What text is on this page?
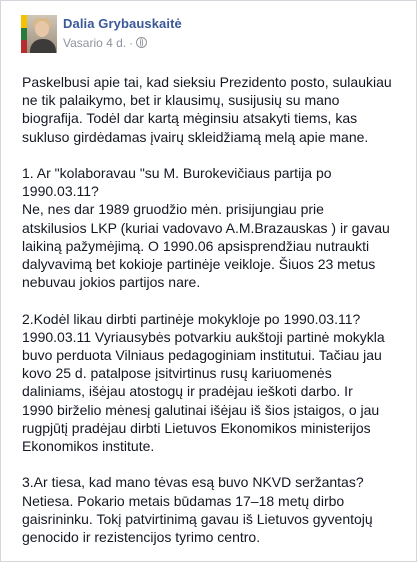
Dalia Grybauskaitė
Vasario 4 d. ·
Paskelbusi apie tai, kad sieksiu Prezidento posto, sulaukiau
ne tik palaikymo, bet ir klausimų, susijusių su mano
biografija. Todėl dar kartą mėginsiu atsakyti tiems, kas
sukluso girdėdamas įvairų skleidžiamą melą apie mane.
1. Ar "kolaboravau "su M. Burokevičiaus partija po
1990.03.11?
Ne, nes dar 1989 gruodžio mėn. prisijungiau prie
atskilusios LKP (kuriai vadovavo A.M.Brazauskas ) ir gavau
laikiną pažymėjimą. O 1990.06 apsisprendžiau nutraukti
dalyvavimą bet kokioje partinėje veikloje. Šiuos 23 metus
nebuvau jokios partijos nare.
2.Kodėl likau dirbti partinėje mokykloje po 1990.03.11?
1990.03.11 Vyriausybės potvarkiu aukštoji partinė mokykla
buvo perduota Vilniaus pedagoginiam institutui. Tačiau jau
kovo 25 d. patalpose įsitvirtinus rusų kariuomenės
daliniams, išėjau atostogų ir pradėjau ieškoti darbo. Ir
1990 birželio mėnesį galutinai išėjau iš šios įstaigos, o jau
rugpjūtį pradėjau dirbti Lietuvos Ekonomikos ministerijos
Ekonomikos institute.
3.Ar tiesa, kad mano tėvas esą buvo NKVD seržantas?
Netiesa. Pokario metais būdamas 17–18 metų dirbo
gaisrininku. Tokį patvirtinimą gavau iš Lietuvos gyventojų
genocido ir rezistencijos tyrimo centro.
